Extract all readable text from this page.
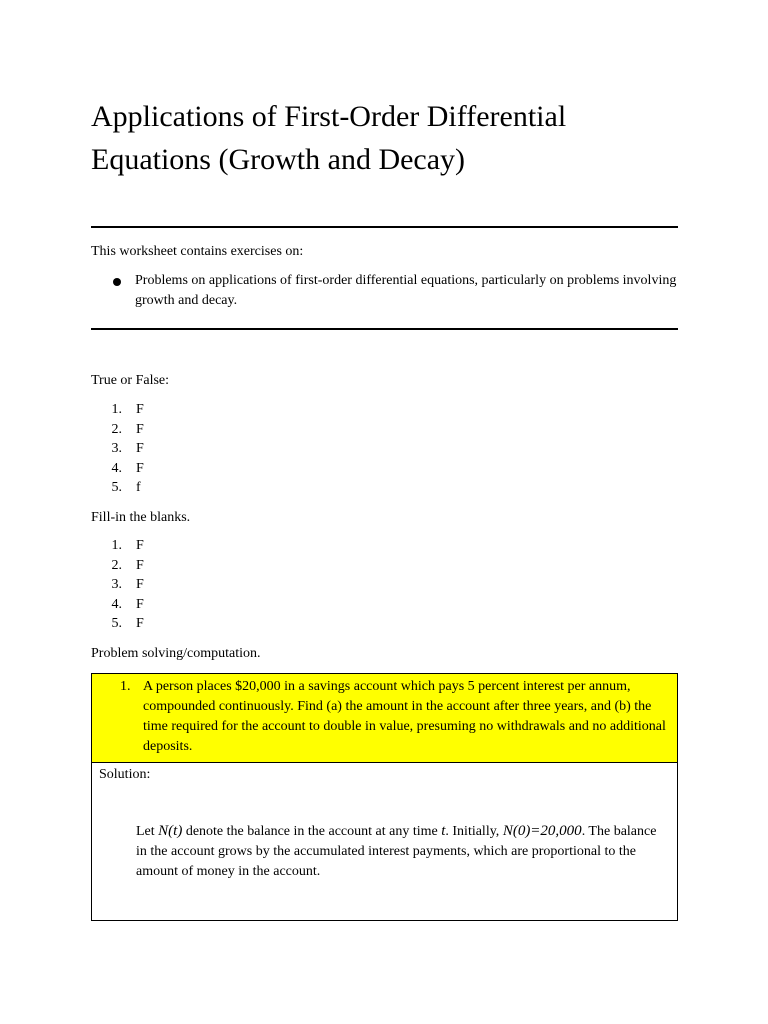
Applications of First-Order Differential Equations (Growth and Decay)

This worksheet contains exercises on:

Problems on applications of first-order differential equations, particularly on problems involving growth and decay.

True or False:

1. F
2. F
3. F
4. F
5. f

Fill-in the blanks.

1. F
2. F
3. F
4. F
5. F

Problem solving/computation.

1. A person places $20,000 in a savings account which pays 5 percent interest per annum, compounded continuously. Find (a) the amount in the account after three years, and (b) the time required for the account to double in value, presuming no withdrawals and no additional deposits.
Solution:

Let N(t) denote the balance in the account at any time t. Initially, N(0)=20,000. The balance in the account grows by the accumulated interest payments, which are proportional to the amount of money in the account.
